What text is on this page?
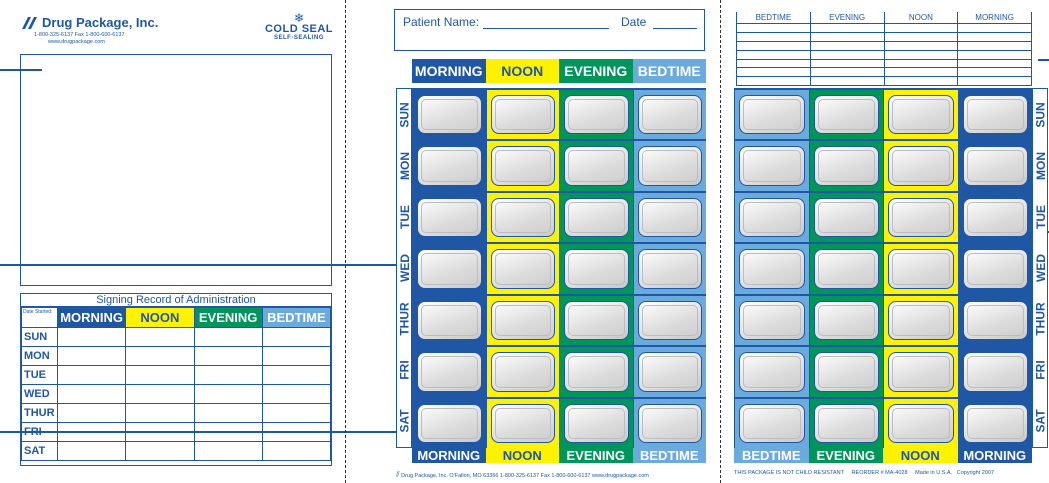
Drug Package, Inc.
1-800-325-6137 Fax 1-800-600-6137
www.drugpackage.com
❄
COLD SEAL
SELF-SEALING
Signing Record of Administration
Date Started:	MORNING	NOON	EVENING	BEDTIME
SUN				
MON				
TUE				
WED				
THUR				
FRI				
SAT				
Patient Name:	Date
MORNING	NOON	EVENING BEDTIME
SUN
MON
TUE
WED
THUR
FRI
SAT
MORNING	NOON	EVENING	BEDTIME
⫽ Drug Package, Inc. O'Fallon, MO 63366 1-800-325-6137 Fax 1-800-600-6137 www.drugpackage.com
BEDTIME	EVENING	NOON	MORNING

SUN
MON
TUE
WED
THUR
FRI
SAT
BEDTIME	EVENING	NOON	MORNING
THIS PACKAGE IS NOT CHILD RESISTANT REORDER # MA-4028 Made in U.S.A. Copyright 2007
